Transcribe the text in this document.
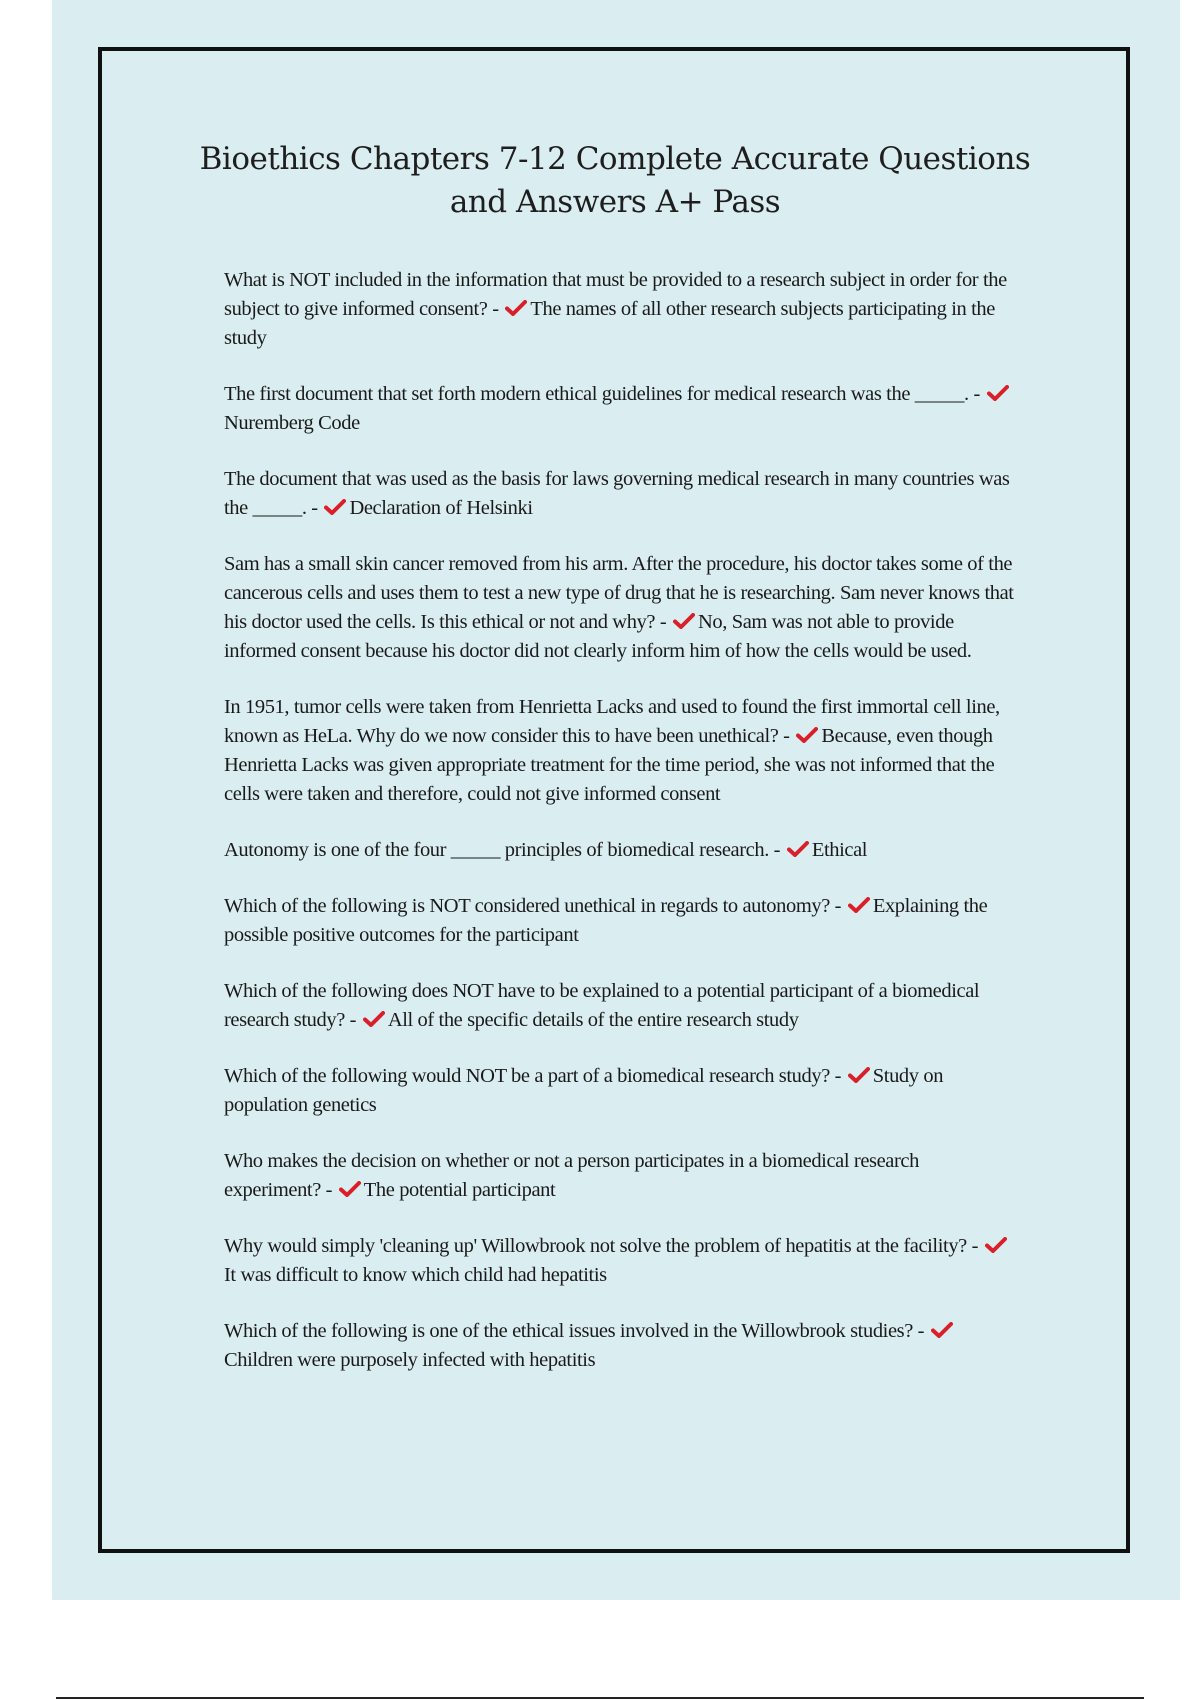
Bioethics Chapters 7-12 Complete Accurate Questions
and Answers A+ Pass

What is NOT included in the information that must be provided to a research subject in order for the subject to give informed consent? - The names of all other research subjects participating in the study

The first document that set forth modern ethical guidelines for medical research was the _____. - Nuremberg Code

The document that was used as the basis for laws governing medical research in many countries was the _____. - Declaration of Helsinki

Sam has a small skin cancer removed from his arm. After the procedure, his doctor takes some of the cancerous cells and uses them to test a new type of drug that he is researching. Sam never knows that his doctor used the cells. Is this ethical or not and why? - No, Sam was not able to provide informed consent because his doctor did not clearly inform him of how the cells would be used.

In 1951, tumor cells were taken from Henrietta Lacks and used to found the first immortal cell line, known as HeLa. Why do we now consider this to have been unethical? - Because, even though Henrietta Lacks was given appropriate treatment for the time period, she was not informed that the cells were taken and therefore, could not give informed consent

Autonomy is one of the four _____ principles of biomedical research. - Ethical

Which of the following is NOT considered unethical in regards to autonomy? - Explaining the possible positive outcomes for the participant

Which of the following does NOT have to be explained to a potential participant of a biomedical research study? - All of the specific details of the entire research study

Which of the following would NOT be a part of a biomedical research study? - Study on population genetics

Who makes the decision on whether or not a person participates in a biomedical research experiment? - The potential participant

Why would simply 'cleaning up' Willowbrook not solve the problem of hepatitis at the facility? - It was difficult to know which child had hepatitis

Which of the following is one of the ethical issues involved in the Willowbrook studies? - Children were purposely infected with hepatitis
